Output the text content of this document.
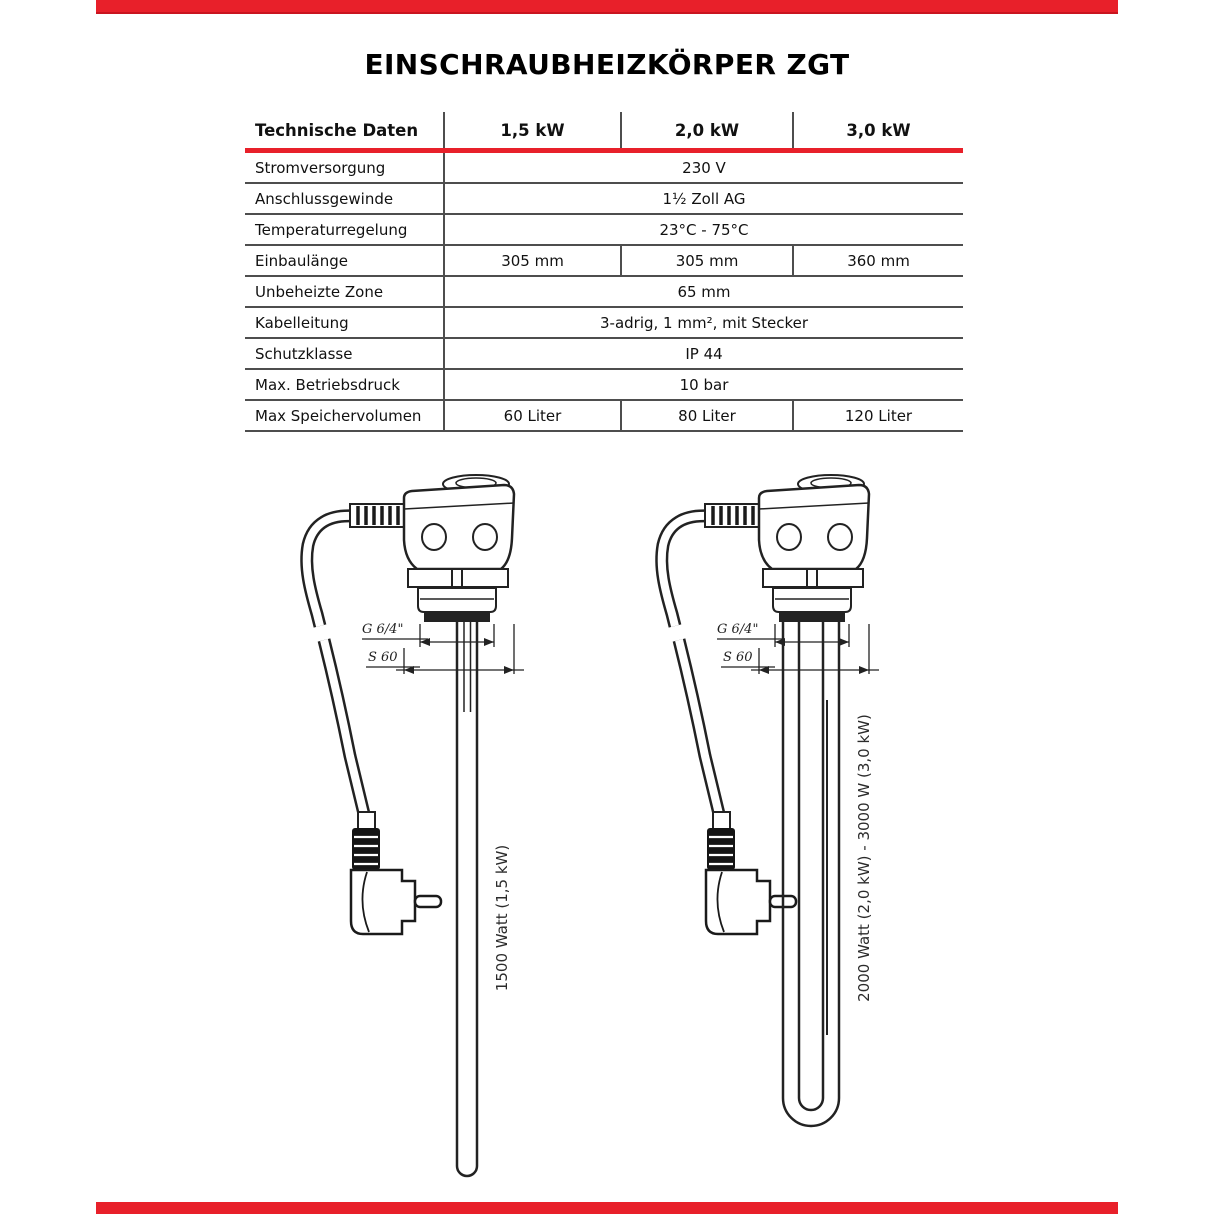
EINSCHRAUBHEIZKÖRPER ZGT
Technische Daten	1,5 kW	2,0 kW	3,0 kW
Stromversorgung	230 V
Anschlussgewinde	1½ Zoll AG
Temperaturregelung	23°C - 75°C
Einbaulänge	305 mm	305 mm	360 mm
Unbeheizte Zone	65 mm
Kabelleitung	3-adrig, 1 mm², mit Stecker
Schutzklasse	IP 44
Max. Betriebsdruck	10 bar
Max Speichervolumen	60 Liter	80 Liter	120 Liter
1500 Watt (1,5 kW)	2000 Watt (2,0 kW) - 3000 W (3,0 kW)
